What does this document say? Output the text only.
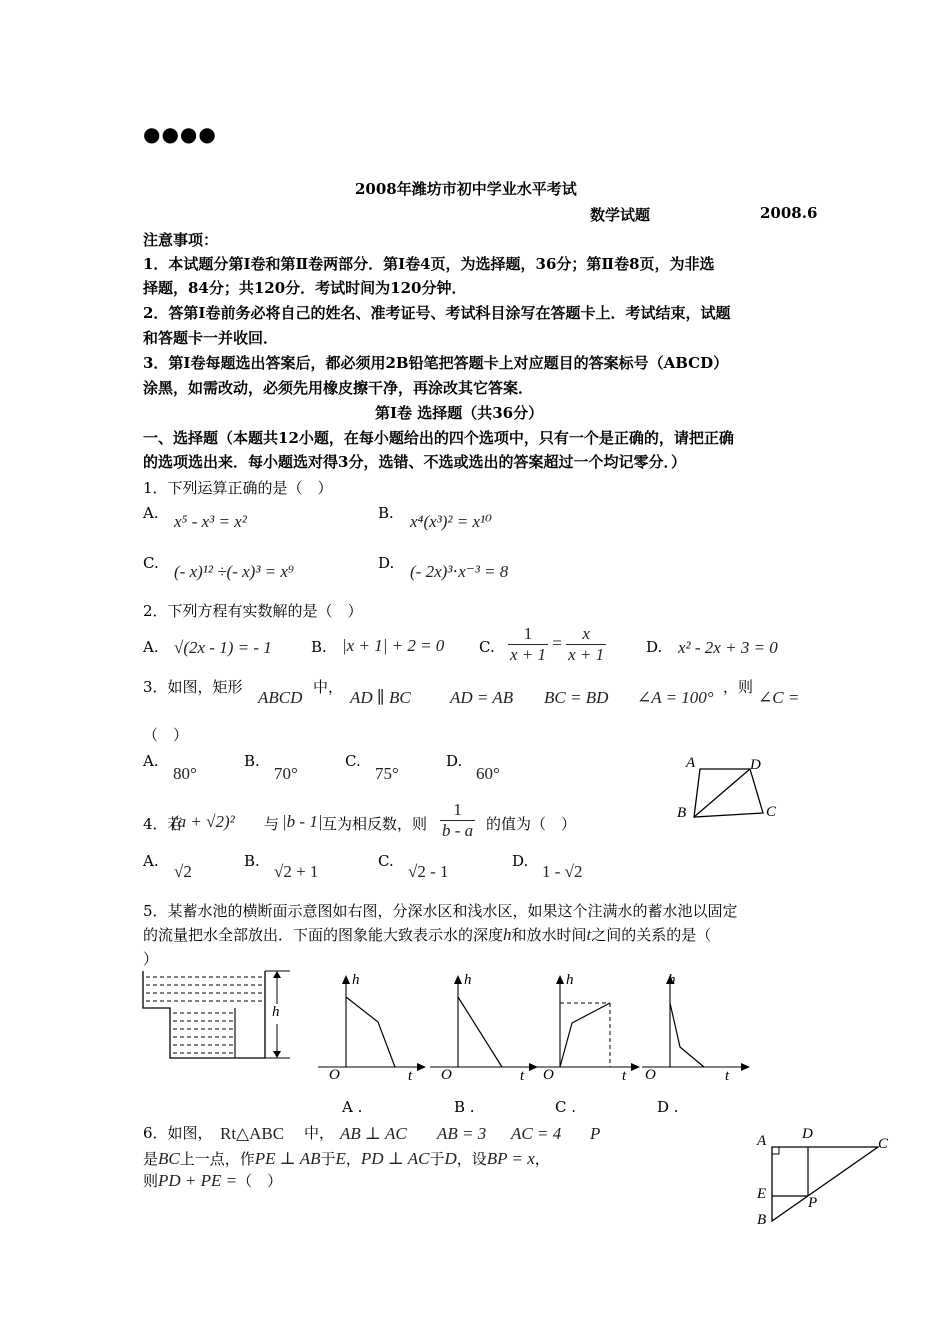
●●●●
2008年潍坊市初中学业水平考试
数学试题	2008.6
注意事项：
1．本试题分第Ⅰ卷和第Ⅱ卷两部分．第Ⅰ卷4页，为选择题，36分；第Ⅱ卷8页，为非选
择题，84分；共120分．考试时间为120分钟．
2．答第Ⅰ卷前务必将自己的姓名、准考证号、考试科目涂写在答题卡上．考试结束，试题
和答题卡一并收回．
3．第Ⅰ卷每题选出答案后，都必须用2B铅笔把答题卡上对应题目的答案标号（ABCD）
涂黑，如需改动，必须先用橡皮擦干净，再涂改其它答案．
第Ⅰ卷 选择题（共36分）
一、选择题（本题共12小题，在每小题给出的四个选项中，只有一个是正确的，请把正确
的选项选出来．每小题选对得3分，选错、不选或选出的答案超过一个均记零分．）
1．下列运算正确的是（　）
A. x⁵ - x³ = x²	B. x⁴(x³)² = x¹⁰
C. (- x)¹² ÷(- x)³ = x⁹	D. (- 2x)³⋅x⁻³ = 8
2．下列方程有实数解的是（　）
A. √(2x - 1) = - 1	B. |x + 1| + 2 = 0 C. $\frac{1}{x + 1} = \frac{x}{x + 1}$	D. x² - 2x + 3 = 0
3．如图，矩形
ABCD
中，
AD ∥ BC AD = AB BC = BD ∠A = 100°
，则
∠C =
（　）
A.
80°
B.
70°
C.
75°
D.
60°
A	D
B	C
4．若
(a + √2)² 与 |b - 1| 互为相反数，则 $\frac{1}{b - a}$ 的值为（　）
A.
√2
B.
√2 + 1
C.
√2 - 1
D.
1 - √2
5．某蓄水池的横断面示意图如右图，分深水区和浅水区，如果这个注满水的蓄水池以固定
的流量把水全部放出．下面的图象能大致表示水的深度h和放水时间t之间的关系的是（
）
h
h
O	t
A .
h
O	t
B .
h
O	t
C .
h
O	t
D .
6．如图， Rt△ABC 中， AB ⊥ AC AB = 3 AC = 4 P
是BC上一点，作PE ⊥ AB于E，PD ⊥ AC于D，设BP = x，
则PD + PE =（　）
A D
C
E
P
B
